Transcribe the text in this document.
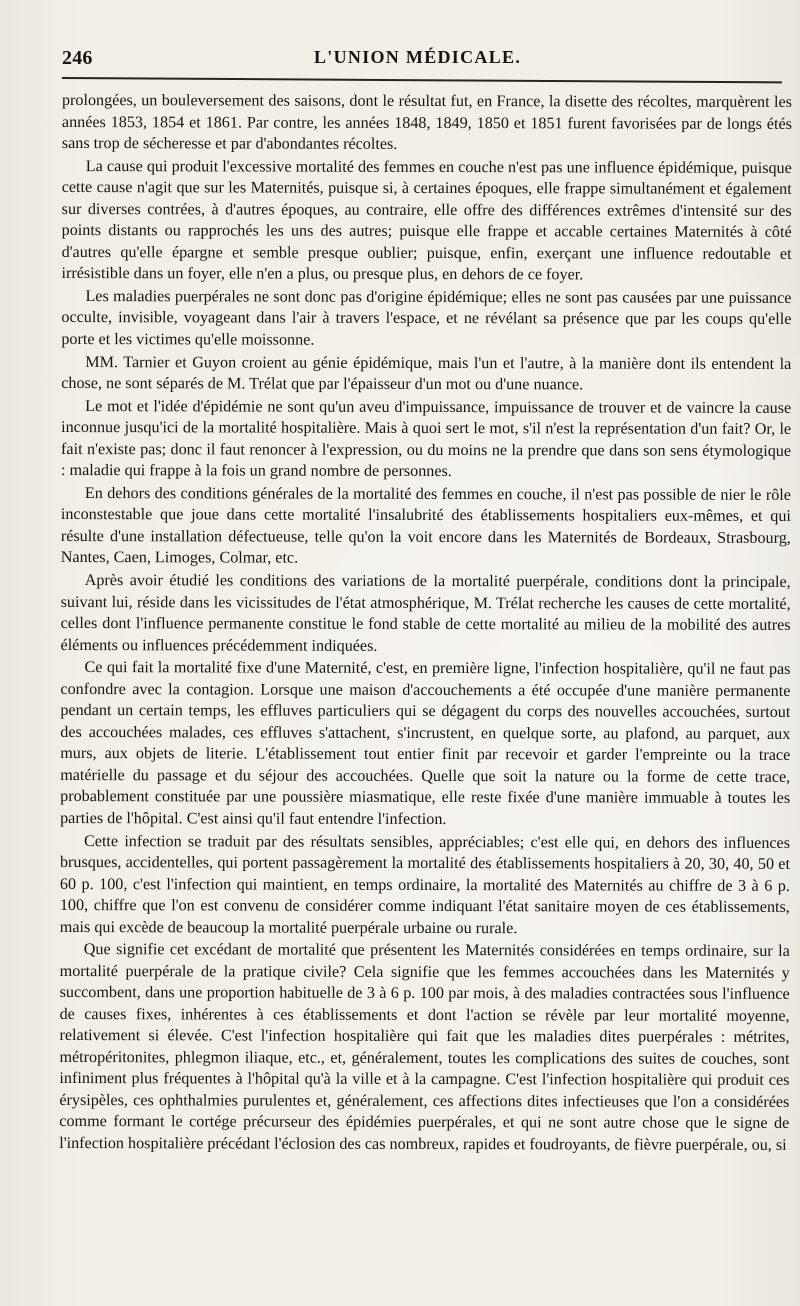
246	L'UNION MÉDICALE.

prolongées, un bouleversement des saisons, dont le résultat fut, en France, la disette des récoltes, marquèrent les années 1853, 1854 et 1861. Par contre, les années 1848, 1849, 1850 et 1851 furent favorisées par de longs étés sans trop de sécheresse et par d'abondantes récoltes.

La cause qui produit l'excessive mortalité des femmes en couche n'est pas une influence épidémique, puisque cette cause n'agit que sur les Maternités, puisque si, à certaines époques, elle frappe simultanément et également sur diverses contrées, à d'autres époques, au contraire, elle offre des différences extrêmes d'intensité sur des points distants ou rapprochés les uns des autres; puisque elle frappe et accable certaines Maternités à côté d'autres qu'elle épargne et semble presque oublier; puisque, enfin, exerçant une influence redoutable et irrésistible dans un foyer, elle n'en a plus, ou presque plus, en dehors de ce foyer.

Les maladies puerpérales ne sont donc pas d'origine épidémique; elles ne sont pas causées par une puissance occulte, invisible, voyageant dans l'air à travers l'espace, et ne révélant sa présence que par les coups qu'elle porte et les victimes qu'elle moissonne.

MM. Tarnier et Guyon croient au génie épidémique, mais l'un et l'autre, à la manière dont ils entendent la chose, ne sont séparés de M. Trélat que par l'épaisseur d'un mot ou d'une nuance.

Le mot et l'idée d'épidémie ne sont qu'un aveu d'impuissance, impuissance de trouver et de vaincre la cause inconnue jusqu'ici de la mortalité hospitalière. Mais à quoi sert le mot, s'il n'est la représentation d'un fait? Or, le fait n'existe pas; donc il faut renoncer à l'expression, ou du moins ne la prendre que dans son sens étymologique : maladie qui frappe à la fois un grand nombre de personnes.

En dehors des conditions générales de la mortalité des femmes en couche, il n'est pas possible de nier le rôle inconstestable que joue dans cette mortalité l'insalubrité des établissements hospitaliers eux-mêmes, et qui résulte d'une installation défectueuse, telle qu'on la voit encore dans les Maternités de Bordeaux, Strasbourg, Nantes, Caen, Limoges, Colmar, etc.

Après avoir étudié les conditions des variations de la mortalité puerpérale, conditions dont la principale, suivant lui, réside dans les vicissitudes de l'état atmosphérique, M. Trélat recherche les causes de cette mortalité, celles dont l'influence permanente constitue le fond stable de cette mortalité au milieu de la mobilité des autres éléments ou influences précédemment indiquées.

Ce qui fait la mortalité fixe d'une Maternité, c'est, en première ligne, l'infection hospitalière, qu'il ne faut pas confondre avec la contagion. Lorsque une maison d'accouchements a été occupée d'une manière permanente pendant un certain temps, les effluves particuliers qui se dégagent du corps des nouvelles accouchées, surtout des accouchées malades, ces effluves s'attachent, s'incrustent, en quelque sorte, au plafond, au parquet, aux murs, aux objets de literie. L'établissement tout entier finit par recevoir et garder l'empreinte ou la trace matérielle du passage et du séjour des accouchées. Quelle que soit la nature ou la forme de cette trace, probablement constituée par une poussière miasmatique, elle reste fixée d'une manière immuable à toutes les parties de l'hôpital. C'est ainsi qu'il faut entendre l'infection.

Cette infection se traduit par des résultats sensibles, appréciables; c'est elle qui, en dehors des influences brusques, accidentelles, qui portent passagèrement la mortalité des établissements hospitaliers à 20, 30, 40, 50 et 60 p. 100, c'est l'infection qui maintient, en temps ordinaire, la mortalité des Maternités au chiffre de 3 à 6 p. 100, chiffre que l'on est convenu de considérer comme indiquant l'état sanitaire moyen de ces établissements, mais qui excède de beaucoup la mortalité puerpérale urbaine ou rurale.

Que signifie cet excédant de mortalité que présentent les Maternités considérées en temps ordinaire, sur la mortalité puerpérale de la pratique civile? Cela signifie que les femmes accouchées dans les Maternités y succombent, dans une proportion habituelle de 3 à 6 p. 100 par mois, à des maladies contractées sous l'influence de causes fixes, inhérentes à ces établissements et dont l'action se révèle par leur mortalité moyenne, relativement si élevée. C'est l'infection hospitalière qui fait que les maladies dites puerpérales : métrites, métropéritonites, phlegmon iliaque, etc., et, généralement, toutes les complications des suites de couches, sont infiniment plus fréquentes à l'hôpital qu'à la ville et à la campagne. C'est l'infection hospitalière qui produit ces érysipèles, ces ophthalmies purulentes et, généralement, ces affections dites infectieuses que l'on a considérées comme formant le cortége précurseur des épidémies puerpérales, et qui ne sont autre chose que le signe de l'infection hospitalière précédant l'éclosion des cas nombreux, rapides et foudroyants, de fièvre puerpérale, ou, si
